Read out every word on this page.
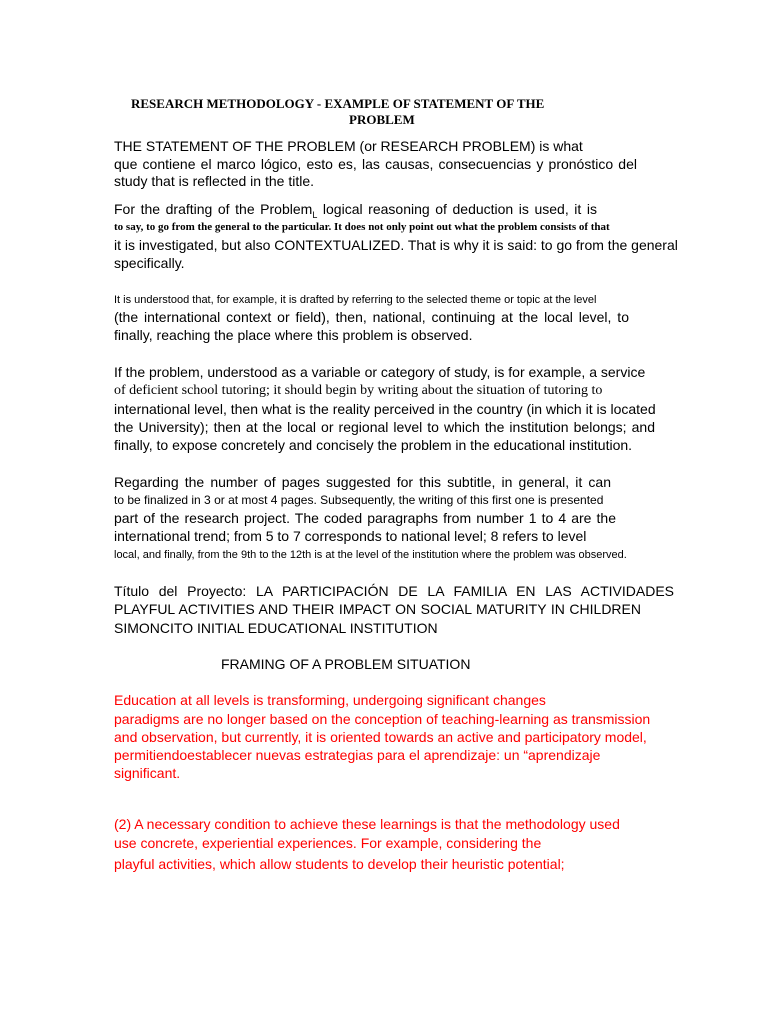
RESEARCH METHODOLOGY - EXAMPLE OF STATEMENT OF THE
PROBLEM
THE STATEMENT OF THE PROBLEM (or RESEARCH PROBLEM) is what
que contiene el marco lógico, esto es, las causas, consecuencias y pronóstico del
study that is reflected in the title.
For the drafting of the Problem$_L$ logical reasoning of deduction is used, it is
to say, to go from the general to the particular. It does not only point out what the problem consists of that
it is investigated, but also CONTEXTUALIZED. That is why it is said: to go from the general
specifically.
It is understood that, for example, it is drafted by referring to the selected theme or topic at the level
(the international context or field), then, national, continuing at the local level, to
finally, reaching the place where this problem is observed.
If the problem, understood as a variable or category of study, is for example, a service
of deficient school tutoring; it should begin by writing about the situation of tutoring to
international level, then what is the reality perceived in the country (in which it is located
the University); then at the local or regional level to which the institution belongs; and
finally, to expose concretely and concisely the problem in the educational institution.
Regarding the number of pages suggested for this subtitle, in general, it can
to be finalized in 3 or at most 4 pages. Subsequently, the writing of this first one is presented
part of the research project. The coded paragraphs from number 1 to 4 are the
international trend; from 5 to 7 corresponds to national level; 8 refers to level
local, and finally, from the 9th to the 12th is at the level of the institution where the problem was observed.
Título del Proyecto: LA PARTICIPACIÓN DE LA FAMILIA EN LAS ACTIVIDADES
PLAYFUL ACTIVITIES AND THEIR IMPACT ON SOCIAL MATURITY IN CHILDREN
SIMONCITO INITIAL EDUCATIONAL INSTITUTION
FRAMING OF A PROBLEM SITUATION
Education at all levels is transforming, undergoing significant changes
paradigms are no longer based on the conception of teaching-learning as transmission
and observation, but currently, it is oriented towards an active and participatory model,
permitiendoestablecer nuevas estrategias para el aprendizaje: un “aprendizaje
significant.
(2) A necessary condition to achieve these learnings is that the methodology used
use concrete, experiential experiences. For example, considering the
playful activities, which allow students to develop their heuristic potential;
